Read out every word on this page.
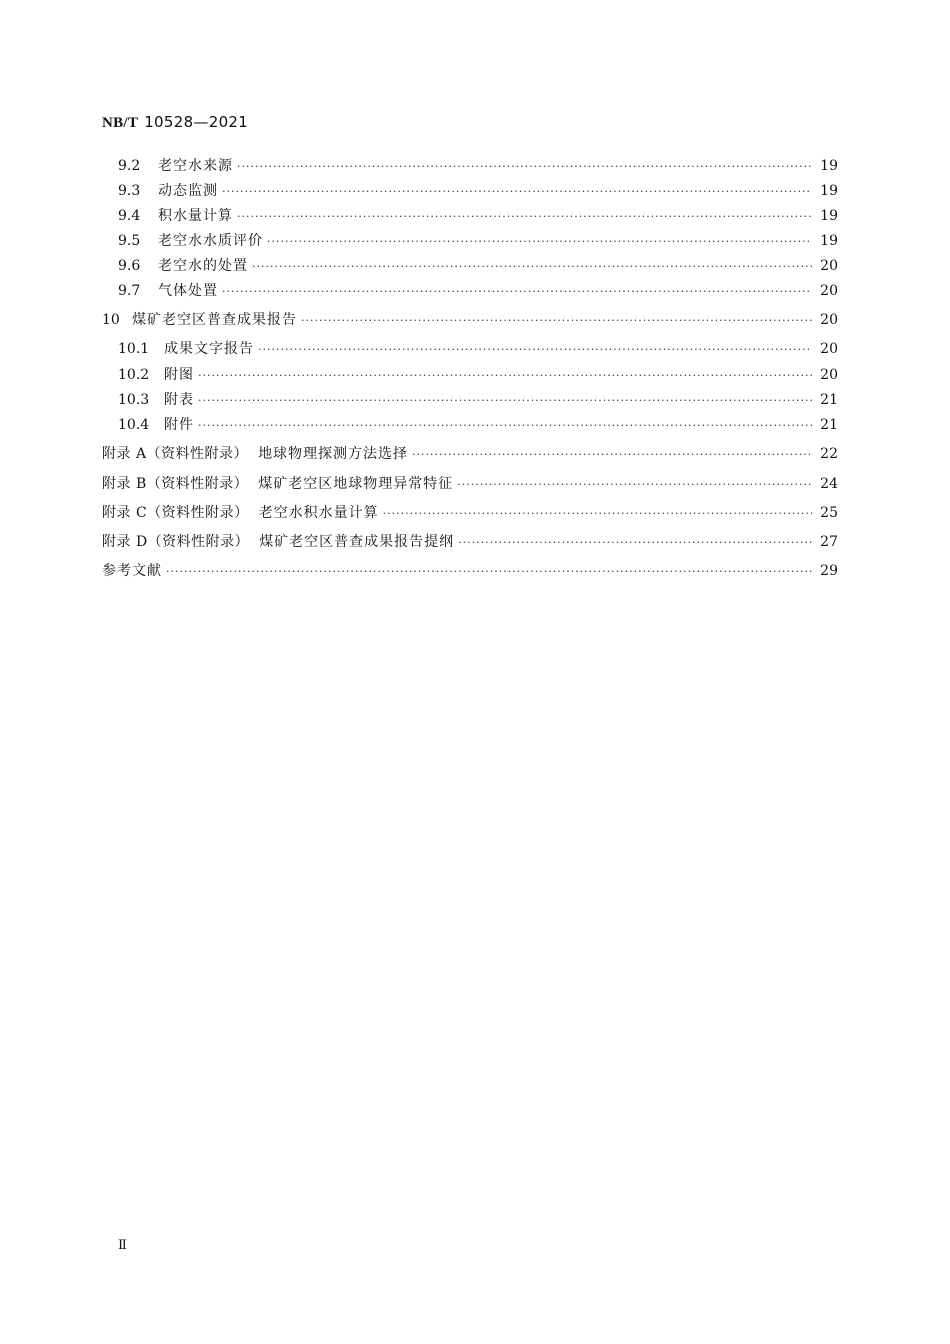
NB/T 10528—2021
9.2	老空水来源 ·····	19
9.3	动态监测 ·····	19
9.4	积水量计算 ·····	19
9.5	老空水水质评价 ·····	19
9.6	老空水的处置 ·····	20
9.7	气体处置 ·····	20
10 煤矿老空区普查成果报告 ·····	20
10.1	成果文字报告 ·····	20
10.2	附图 ·····	20
10.3	附表 ·····	21
10.4	附件 ·····	21
附录 A（资料性附录） 地球物理探测方法选择 ·····	22
附录 B（资料性附录） 煤矿老空区地球物理异常特征 ·····	24
附录 C（资料性附录） 老空水积水量计算 ·····	25
附录 D（资料性附录） 煤矿老空区普查成果报告提纲 ·····	27
参考文献 ·····	29
Ⅱ
